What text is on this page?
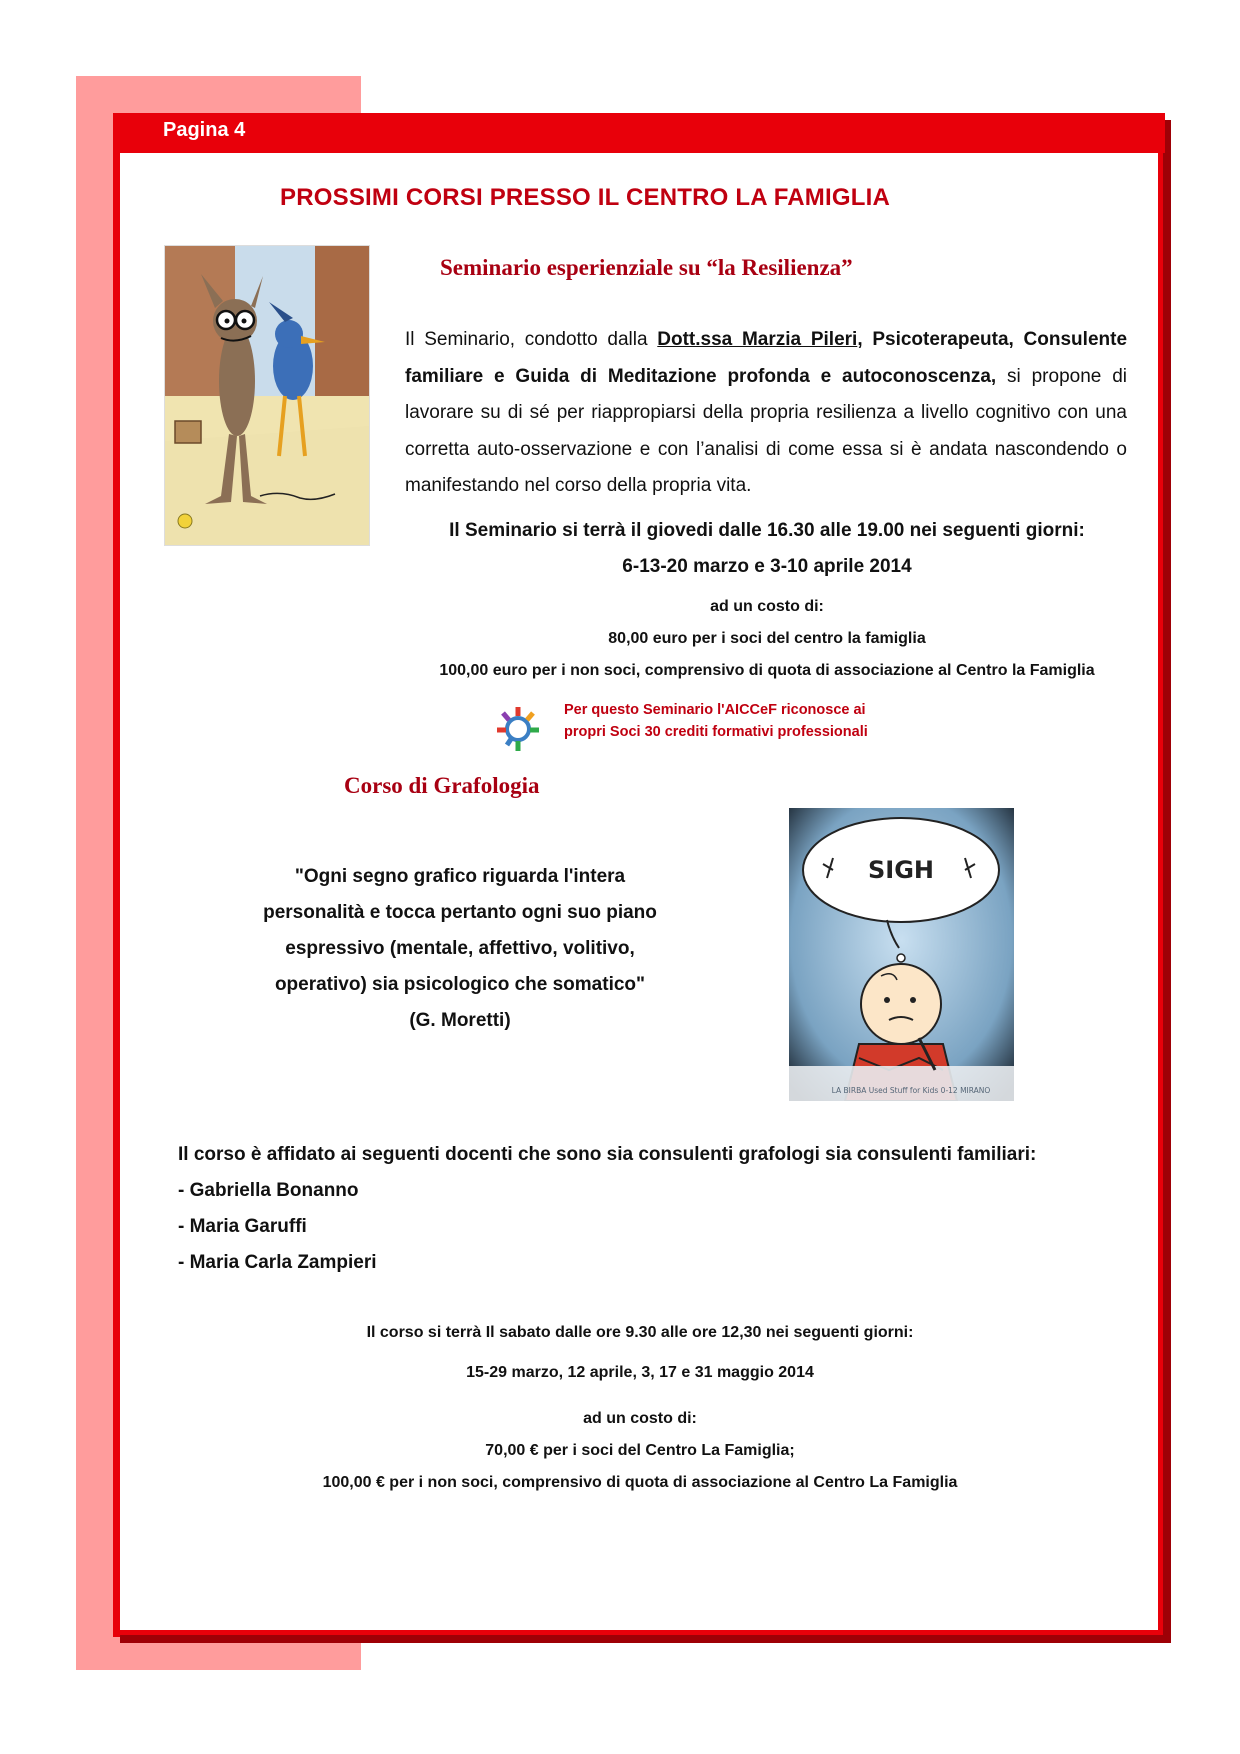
Pagina 4
PROSSIMI CORSI PRESSO IL CENTRO LA FAMIGLIA
Seminario esperienziale su “la Resilienza”
Il Seminario, condotto dalla Dott.ssa Marzia Pileri, Psicoterapeuta, Consulente familiare e Guida di Meditazione profonda e autoconoscenza, si propone di lavorare su di sé per riappropiarsi della propria resilienza a livello cognitivo con una corretta auto-osservazione e con l’analisi di come essa si è andata nascondendo o manifestando nel corso della propria vita.
Il Seminario si terrà il giovedi dalle 16.30 alle 19.00 nei seguenti giorni:
6-13-20 marzo e 3-10 aprile 2014
ad un costo di:
80,00 euro per i soci del centro la famiglia
100,00 euro per i non soci, comprensivo di quota di associazione al Centro la Famiglia
Per questo Seminario l'AICCeF riconosce ai
propri Soci 30 crediti formativi professionali
Corso di Grafologia
"Ogni segno grafico riguarda l'intera
personalità e tocca pertanto ogni suo piano
espressivo (mentale, affettivo, volitivo,
operativo) sia psicologico che somatico"
(G. Moretti)
SIGH
LA BIRBA Used Stuff for Kids 0-12 MIRANO
Il corso è affidato ai seguenti docenti che sono sia consulenti grafologi sia consulenti familiari:
- Gabriella Bonanno
- Maria Garuffi
- Maria Carla Zampieri
Il corso si terrà Il sabato dalle ore 9.30 alle ore 12,30 nei seguenti giorni:
15-29 marzo, 12 aprile, 3, 17 e 31 maggio 2014
ad un costo di:
70,00 € per i soci del Centro La Famiglia;
100,00 € per i non soci, comprensivo di quota di associazione al Centro La Famiglia
